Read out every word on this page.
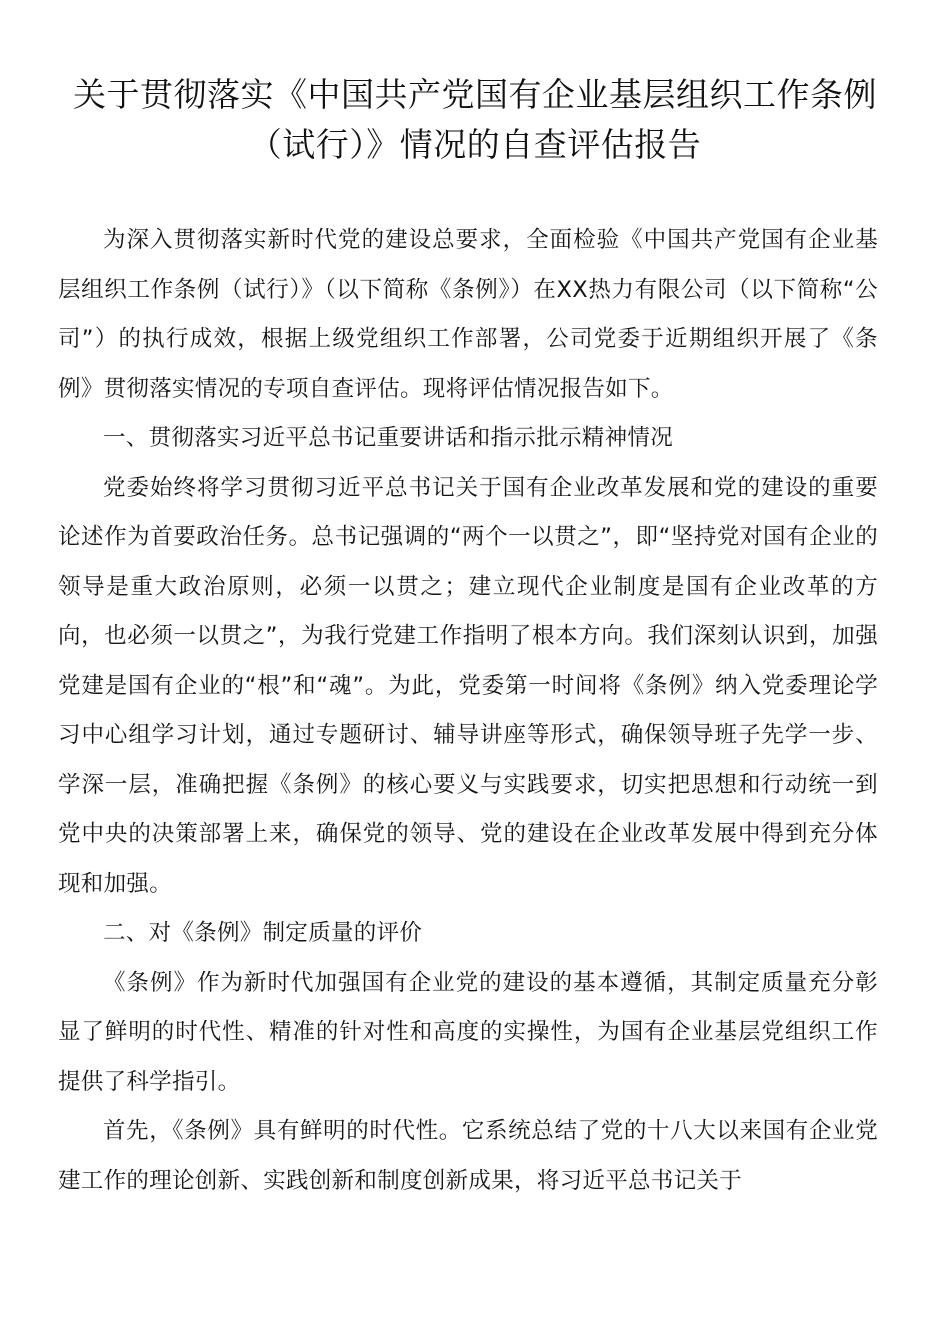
关于贯彻落实《中国共产党国有企业基层组织工作条例（试行）》情况的自查评估报告

为深入贯彻落实新时代党的建设总要求，全面检验《中国共产党国有企业基层组织工作条例（试行）》（以下简称《条例》）在XX热力有限公司（以下简称“公司”）的执行成效，根据上级党组织工作部署，公司党委于近期组织开展了《条例》贯彻落实情况的专项自查评估。现将评估情况报告如下。

一、贯彻落实习近平总书记重要讲话和指示批示精神情况

党委始终将学习贯彻习近平总书记关于国有企业改革发展和党的建设的重要论述作为首要政治任务。总书记强调的“两个一以贯之”，即“坚持党对国有企业的领导是重大政治原则，必须一以贯之；建立现代企业制度是国有企业改革的方向，也必须一以贯之”，为我行党建工作指明了根本方向。我们深刻认识到，加强党建是国有企业的“根”和“魂”。为此，党委第一时间将《条例》纳入党委理论学习中心组学习计划，通过专题研讨、辅导讲座等形式，确保领导班子先学一步、学深一层，准确把握《条例》的核心要义与实践要求，切实把思想和行动统一到党中央的决策部署上来，确保党的领导、党的建设在企业改革发展中得到充分体现和加强。

二、对《条例》制定质量的评价

《条例》作为新时代加强国有企业党的建设的基本遵循，其制定质量充分彰显了鲜明的时代性、精准的针对性和高度的实操性，为国有企业基层党组织工作提供了科学指引。

首先，《条例》具有鲜明的时代性。它系统总结了党的十八大以来国有企业党建工作的理论创新、实践创新和制度创新成果，将习近平总书记关于
